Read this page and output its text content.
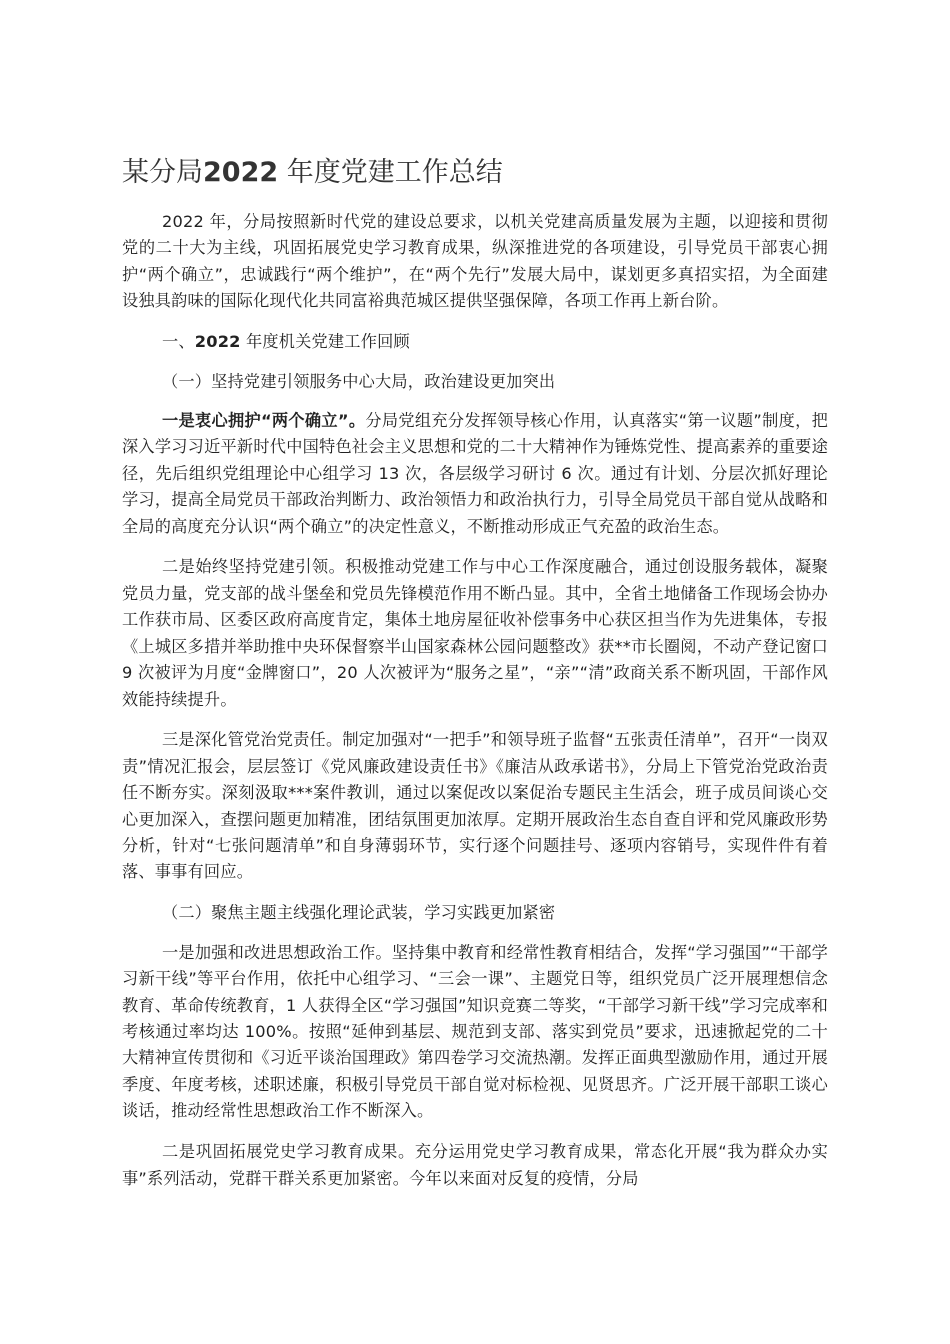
某分局2022 年度党建工作总结

2022 年，分局按照新时代党的建设总要求，以机关党建高质量发展为主题，以迎接和贯彻党的二十大为主线，巩固拓展党史学习教育成果，纵深推进党的各项建设，引导党员干部衷心拥护“两个确立”，忠诚践行“两个维护”，在“两个先行”发展大局中，谋划更多真招实招，为全面建设独具韵味的国际化现代化共同富裕典范城区提供坚强保障，各项工作再上新台阶。

一、2022 年度机关党建工作回顾

（一）坚持党建引领服务中心大局，政治建设更加突出

一是衷心拥护“两个确立”。分局党组充分发挥领导核心作用，认真落实“第一议题”制度，把深入学习习近平新时代中国特色社会主义思想和党的二十大精神作为锤炼党性、提高素养的重要途径，先后组织党组理论中心组学习 13 次，各层级学习研讨 6 次。通过有计划、分层次抓好理论学习，提高全局党员干部政治判断力、政治领悟力和政治执行力，引导全局党员干部自觉从战略和全局的高度充分认识“两个确立”的决定性意义，不断推动形成正气充盈的政治生态。

二是始终坚持党建引领。积极推动党建工作与中心工作深度融合，通过创设服务载体，凝聚党员力量，党支部的战斗堡垒和党员先锋模范作用不断凸显。其中，全省土地储备工作现场会协办工作获市局、区委区政府高度肯定，集体土地房屋征收补偿事务中心获区担当作为先进集体，专报《上城区多措并举助推中央环保督察半山国家森林公园问题整改》获**市长圈阅，不动产登记窗口 9 次被评为月度“金牌窗口”，20 人次被评为“服务之星”，“亲”“清”政商关系不断巩固，干部作风效能持续提升。

三是深化管党治党责任。制定加强对“一把手”和领导班子监督“五张责任清单”，召开“一岗双责”情况汇报会，层层签订《党风廉政建设责任书》《廉洁从政承诺书》，分局上下管党治党政治责任不断夯实。深刻汲取***案件教训，通过以案促改以案促治专题民主生活会，班子成员间谈心交心更加深入，查摆问题更加精准，团结氛围更加浓厚。定期开展政治生态自查自评和党风廉政形势分析，针对“七张问题清单”和自身薄弱环节，实行逐个问题挂号、逐项内容销号，实现件件有着落、事事有回应。

（二）聚焦主题主线强化理论武装，学习实践更加紧密

一是加强和改进思想政治工作。坚持集中教育和经常性教育相结合，发挥“学习强国”“干部学习新干线”等平台作用，依托中心组学习、“三会一课”、主题党日等，组织党员广泛开展理想信念教育、革命传统教育，1 人获得全区“学习强国”知识竞赛二等奖，“干部学习新干线”学习完成率和考核通过率均达 100%。按照“延伸到基层、规范到支部、落实到党员”要求，迅速掀起党的二十大精神宣传贯彻和《习近平谈治国理政》第四卷学习交流热潮。发挥正面典型激励作用，通过开展季度、年度考核，述职述廉，积极引导党员干部自觉对标检视、见贤思齐。广泛开展干部职工谈心谈话，推动经常性思想政治工作不断深入。

二是巩固拓展党史学习教育成果。充分运用党史学习教育成果，常态化开展“我为群众办实事”系列活动，党群干群关系更加紧密。今年以来面对反复的疫情，分局
